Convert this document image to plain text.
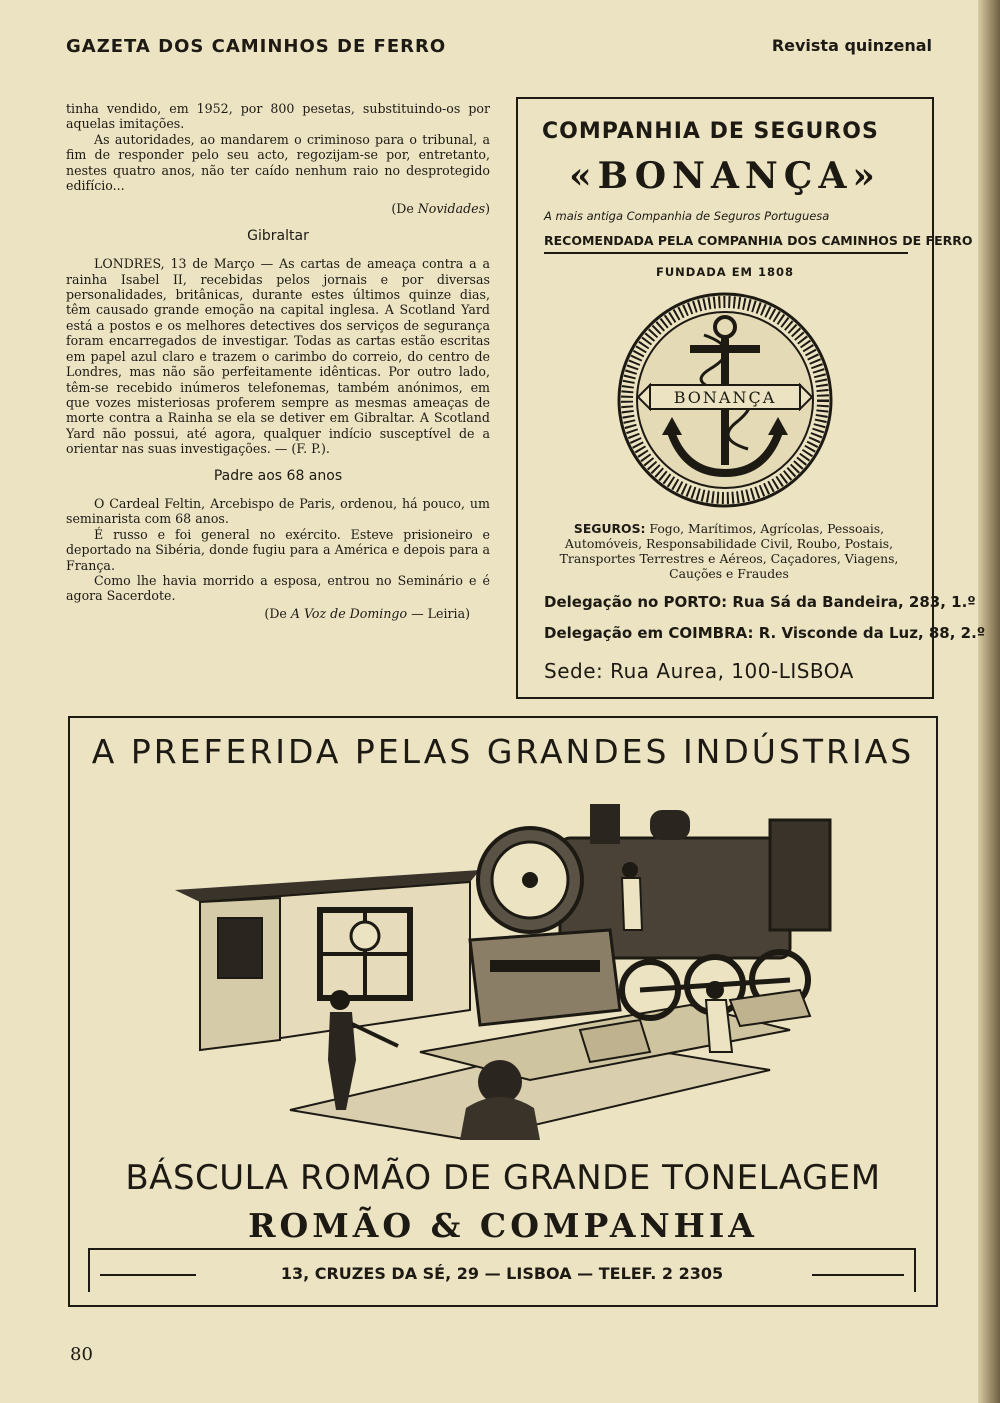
GAZETA DOS CAMINHOS DE FERRO	Revista quinzenal

tinha vendido, em 1952, por 800 pesetas, substituindo-os por aquelas imitações.

As autoridades, ao mandarem o criminoso para o tribunal, a fim de responder pelo seu acto, regozijam-se por, entretanto, nestes quatro anos, não ter caído nenhum raio no desprotegido edifício...

(De Novidades)
Gibraltar

LONDRES, 13 de Março — As cartas de ameaça contra a a rainha Isabel II, recebidas pelos jornais e por diversas personalidades, britânicas, durante estes últimos quinze dias, têm causado grande emoção na capital inglesa. A Scotland Yard está a postos e os melhores detectives dos serviços de segurança foram encarregados de investigar. Todas as cartas estão escritas em papel azul claro e trazem o carimbo do correio, do centro de Londres, mas não são perfeitamente idênticas. Por outro lado, têm-se recebido inúmeros telefonemas, também anónimos, em que vozes misteriosas proferem sempre as mesmas ameaças de morte contra a Rainha se ela se detiver em Gibraltar. A Scotland Yard não possui, até agora, qualquer indício susceptível de a orientar nas suas investigações. — (F. P.).

Padre aos 68 anos

O Cardeal Feltin, Arcebispo de Paris, ordenou, há pouco, um seminarista com 68 anos.

É russo e foi general no exército. Esteve prisioneiro e deportado na Sibéria, donde fugiu para a América e depois para a França.

Como lhe havia morrido a esposa, entrou no Seminário e é agora Sacerdote.

(De A Voz de Domingo — Leiria)
COMPANHIA DE SEGUROS
«BONANÇA»
A mais antiga Companhia de Seguros Portuguesa
RECOMENDADA PELA COMPANHIA DOS CAMINHOS DE FERRO
FUNDADA EM 1808
BONANÇA
SEGUROS: Fogo, Marítimos, Agrícolas, Pessoais, Automóveis, Responsabilidade Civil, Roubo, Postais, Transportes Terrestres e Aéreos, Caçadores, Viagens, Cauções e Fraudes
Delegação no PORTO: Rua Sá da Bandeira, 283, 1.º
Delegação em COIMBRA: R. Visconde da Luz, 88, 2.º
Sede: Rua Aurea, 100-LISBOA
A PREFERIDA PELAS GRANDES INDÚSTRIAS
BÁSCULA ROMÃO DE GRANDE TONELAGEM
ROMÃO & COMPANHIA
13, CRUZES DA SÉ, 29 — LISBOA — TELEF. 2 2305
80
